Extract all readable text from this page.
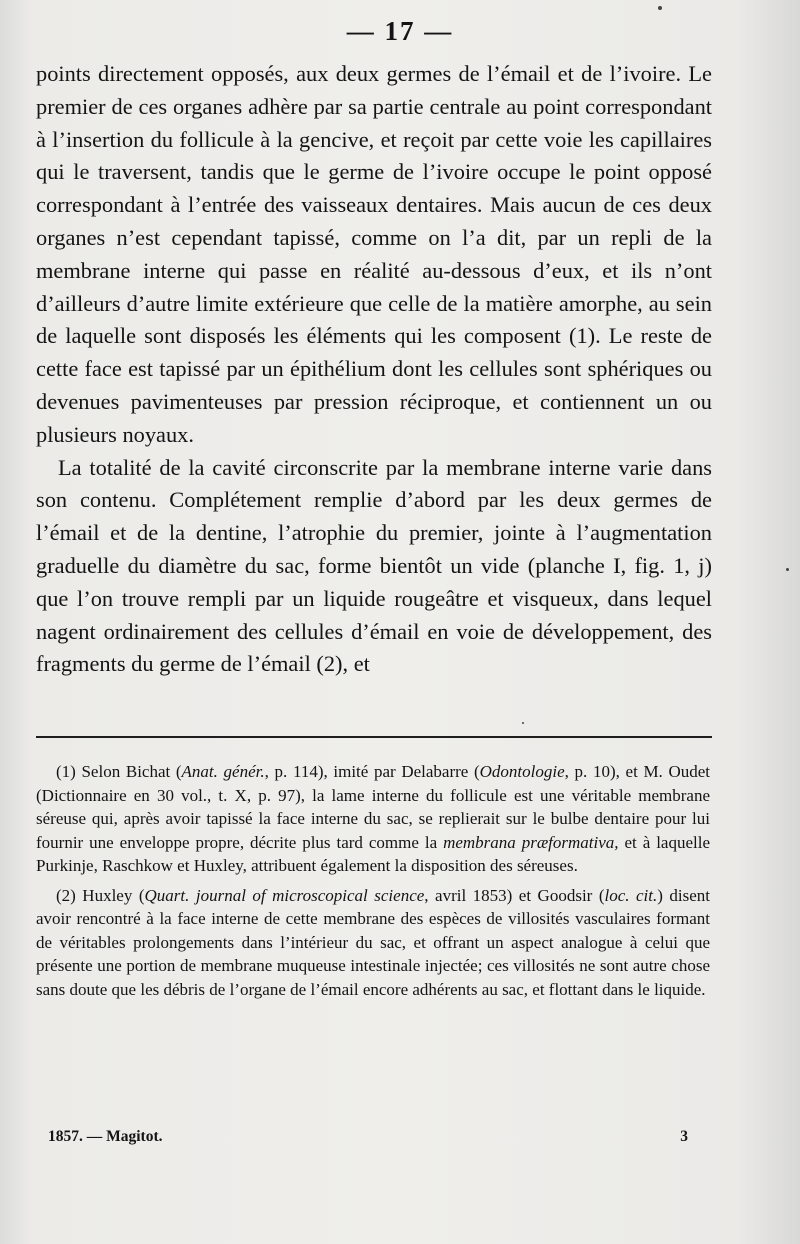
— 17 —

points directement opposés, aux deux germes de l’émail et de l’ivoire. Le premier de ces organes adhère par sa partie centrale au point correspondant à l’insertion du follicule à la gencive, et reçoit par cette voie les capillaires qui le traversent, tandis que le germe de l’ivoire occupe le point opposé correspondant à l’entrée des vaisseaux dentaires. Mais aucun de ces deux organes n’est cependant tapissé, comme on l’a dit, par un repli de la membrane interne qui passe en réalité au-dessous d’eux, et ils n’ont d’ailleurs d’autre limite extérieure que celle de la matière amorphe, au sein de laquelle sont disposés les éléments qui les composent (1). Le reste de cette face est tapissé par un épithélium dont les cellules sont sphériques ou devenues pavimenteuses par pression réciproque, et contiennent un ou plusieurs noyaux.

La totalité de la cavité circonscrite par la membrane interne varie dans son contenu. Complétement remplie d’abord par les deux germes de l’émail et de la dentine, l’atrophie du premier, jointe à l’augmentation graduelle du diamètre du sac, forme bientôt un vide (planche I, fig. 1, j) que l’on trouve rempli par un liquide rougeâtre et visqueux, dans lequel nagent ordinairement des cellules d’émail en voie de développement, des fragments du germe de l’émail (2), et

(1) Selon Bichat (Anat. génér., p. 114), imité par Delabarre (Odontologie, p. 10), et M. Oudet (Dictionnaire en 30 vol., t. X, p. 97), la lame interne du follicule est une véritable membrane séreuse qui, après avoir tapissé la face interne du sac, se replierait sur le bulbe dentaire pour lui fournir une enveloppe propre, décrite plus tard comme la membrana præformativa, et à laquelle Purkinje, Raschkow et Huxley, attribuent également la disposition des séreuses.

(2) Huxley (Quart. journal of microscopical science, avril 1853) et Goodsir (loc. cit.) disent avoir rencontré à la face interne de cette membrane des espèces de villosités vasculaires formant de véritables prolongements dans l’intérieur du sac, et offrant un aspect analogue à celui que présente une portion de membrane muqueuse intestinale injectée; ces villosités ne sont autre chose sans doute que les débris de l’organe de l’émail encore adhérents au sac, et flottant dans le liquide.

1857. — Magitot.	3
